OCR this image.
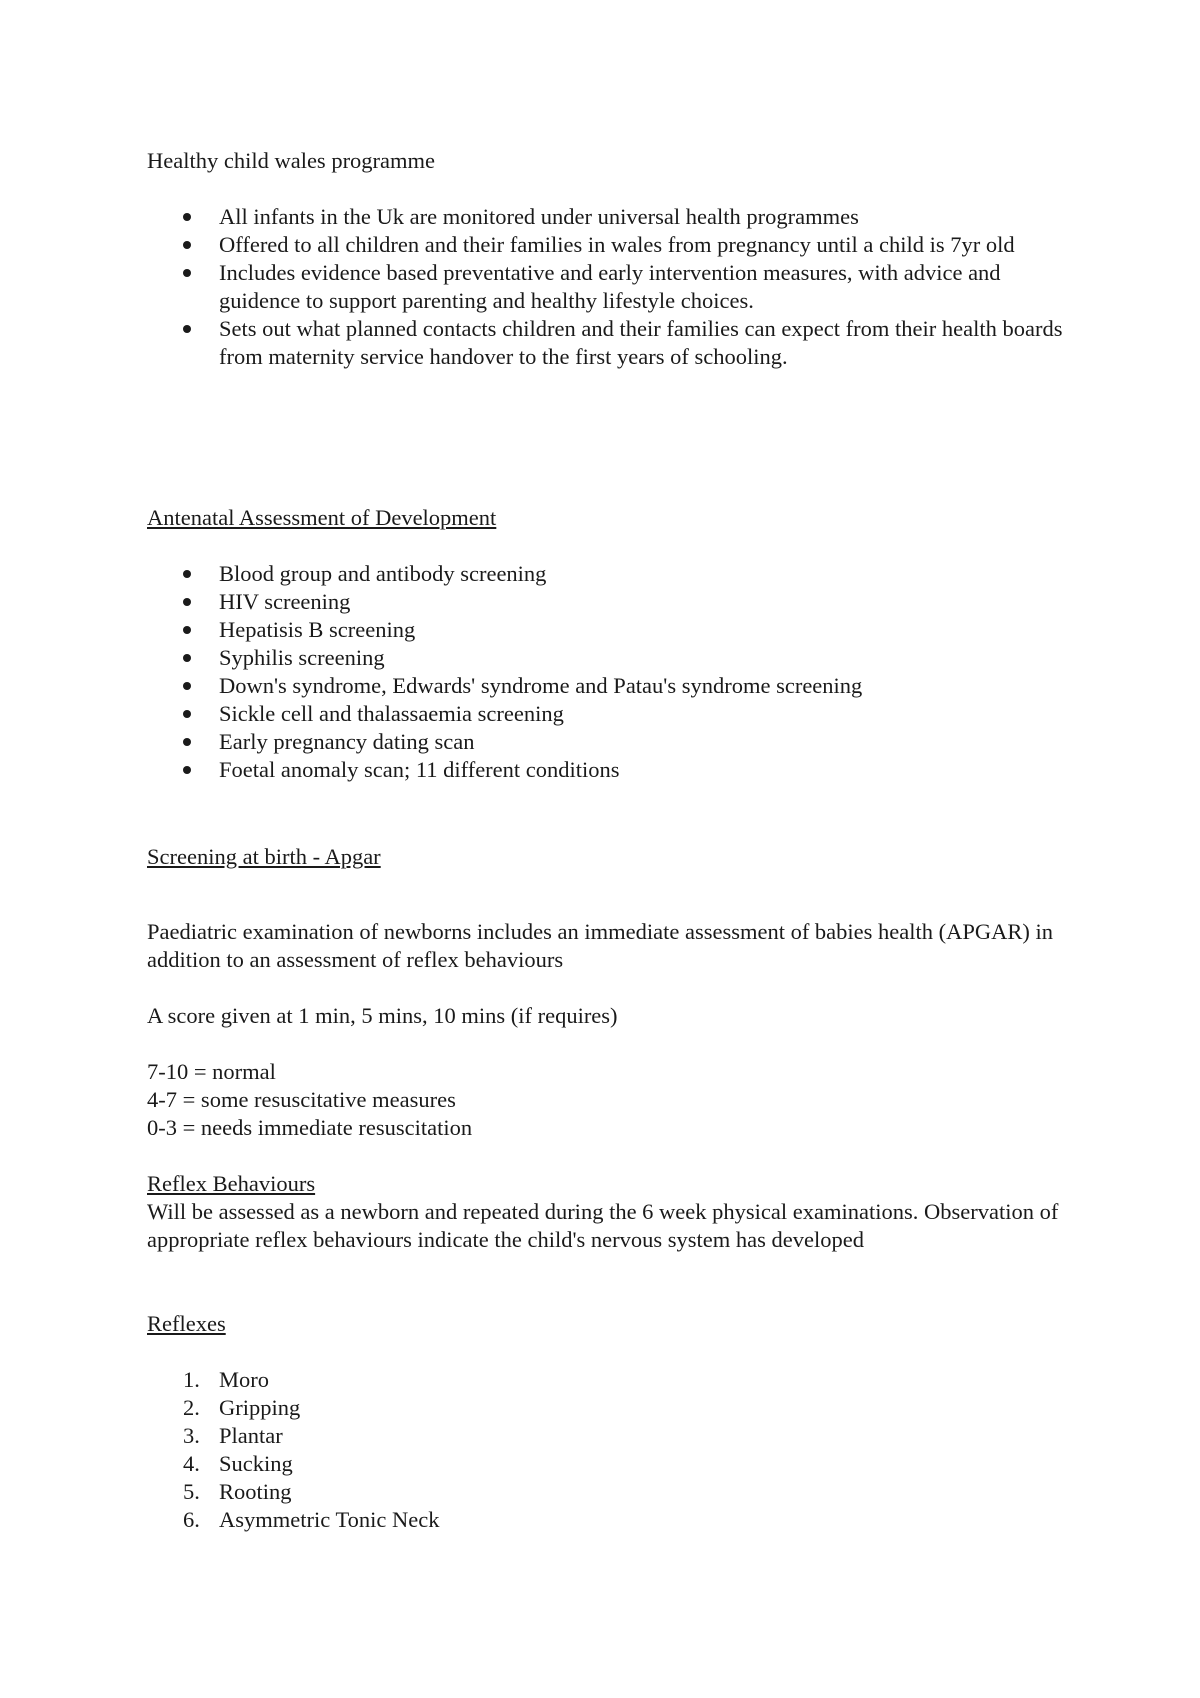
Healthy child wales programme

All infants in the Uk are monitored under universal health programmes
Offered to all children and their families in wales from pregnancy until a child is 7yr old
Includes evidence based preventative and early intervention measures, with advice and guidence to support parenting and healthy lifestyle choices.
Sets out what planned contacts children and their families can expect from their health boards from maternity service handover to the first years of schooling.

Antenatal Assessment of Development

Blood group and antibody screening
HIV screening
Hepatisis B screening
Syphilis screening
Down's syndrome, Edwards' syndrome and Patau's syndrome screening
Sickle cell and thalassaemia screening
Early pregnancy dating scan
Foetal anomaly scan; 11 different conditions

Screening at birth - Apgar

Paediatric examination of newborns includes an immediate assessment of babies health (APGAR) in addition to an assessment of reflex behaviours

A score given at 1 min, 5 mins, 10 mins (if requires)

7-10 = normal

4-7 = some resuscitative measures

0-3 = needs immediate resuscitation

Reflex Behaviours

Will be assessed as a newborn and repeated during the 6 week physical examinations. Observation of appropriate reflex behaviours indicate the child's nervous system has developed

Reflexes

1. Moro
2. Gripping
3. Plantar
4. Sucking
5. Rooting
6. Asymmetric Tonic Neck
